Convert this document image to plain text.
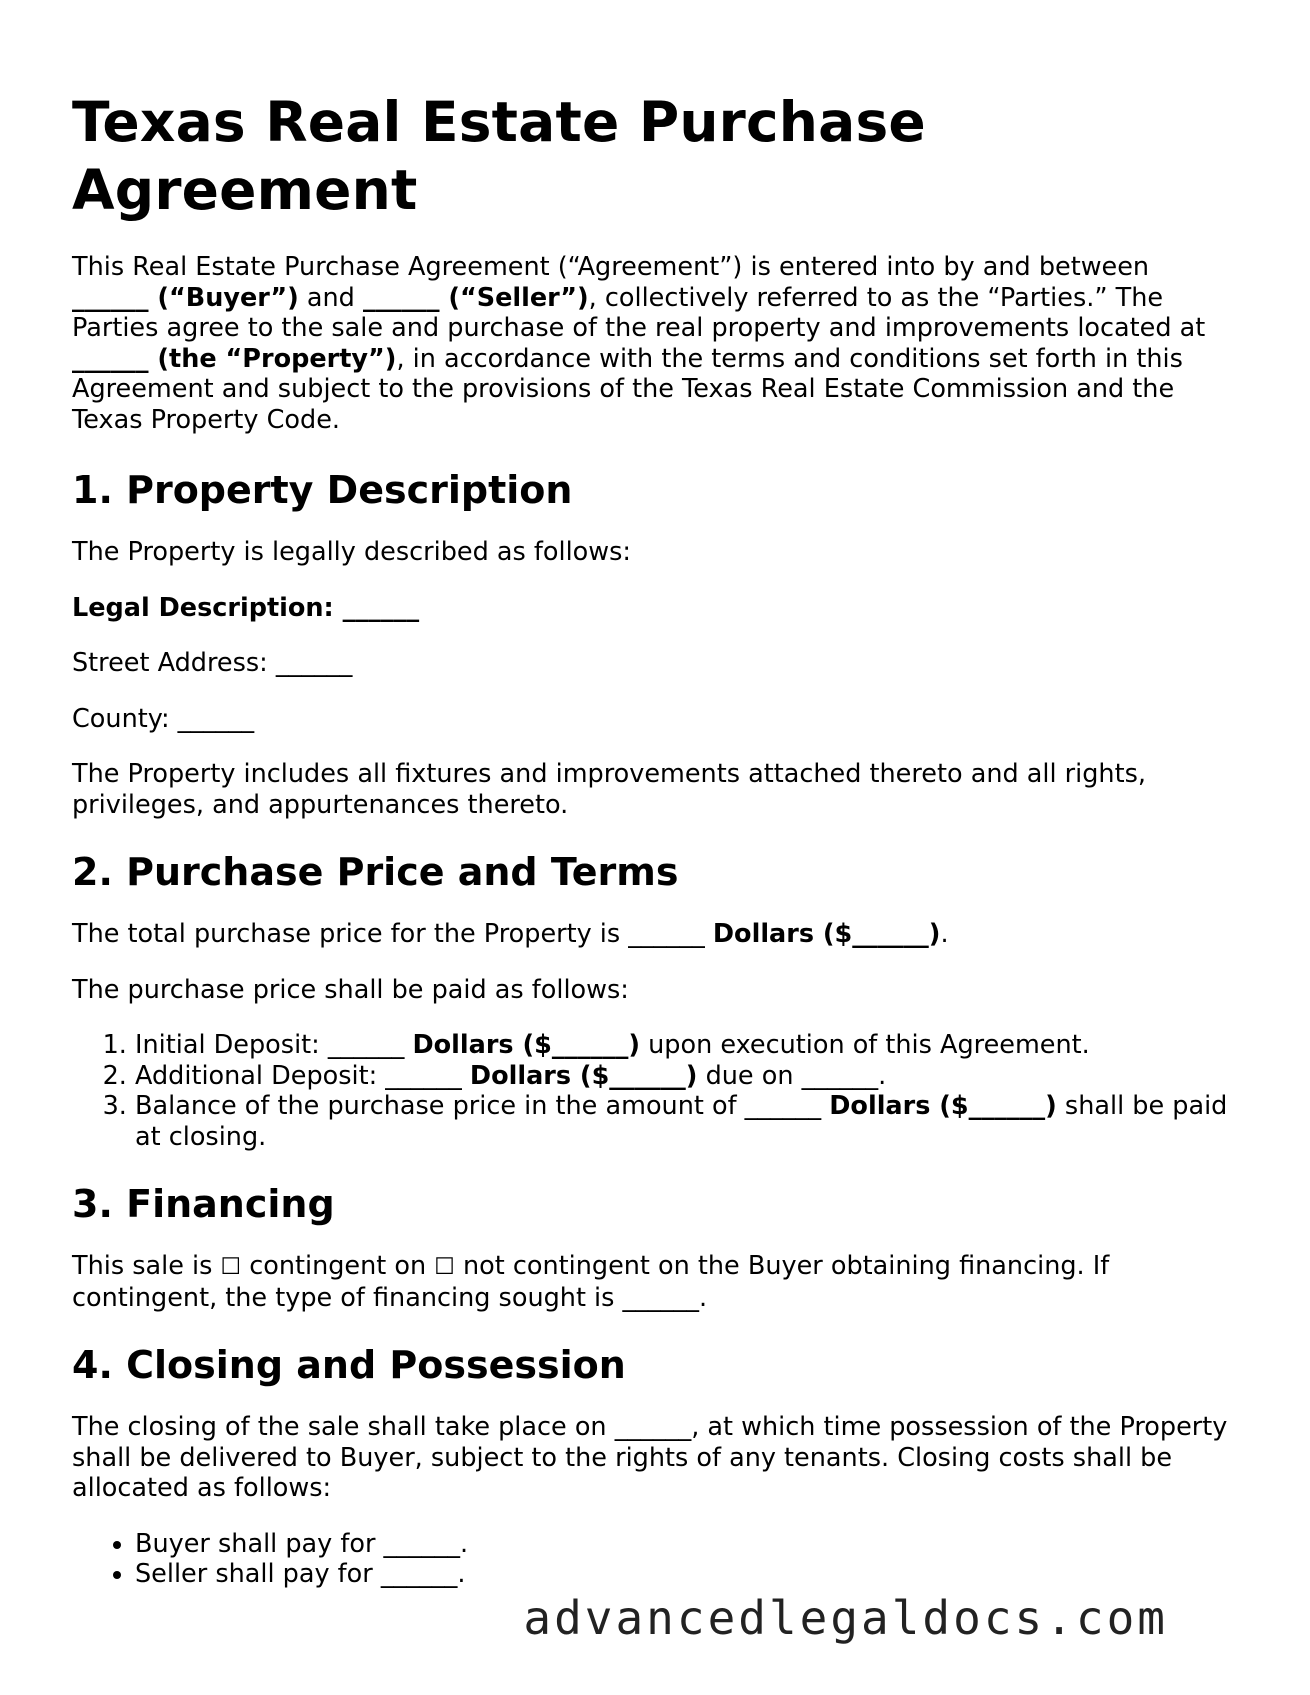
Texas Real Estate Purchase Agreement

This Real Estate Purchase Agreement (“Agreement”) is entered into by and between
______ (“Buyer”) and ______ (“Seller”), collectively referred to as the “Parties.” The Parties agree to the sale and purchase of the real property and improvements located at ______ (the “Property”), in accordance with the terms and conditions set forth in this Agreement and subject to the provisions of the Texas Real Estate Commission and the Texas Property Code.

1. Property Description

The Property is legally described as follows:

Legal Description: ______

Street Address: ______

County: ______

The Property includes all fixtures and improvements attached thereto and all rights, privileges, and appurtenances thereto.

2. Purchase Price and Terms

The total purchase price for the Property is ______ Dollars ($______).

The purchase price shall be paid as follows:

1. Initial Deposit: ______ Dollars ($______) upon execution of this Agreement.
2. Additional Deposit: ______ Dollars ($______) due on ______.
3. Balance of the purchase price in the amount of ______ Dollars ($______) shall be paid at closing.
3. Financing

This sale is ☐ contingent on ☐ not contingent on the Buyer obtaining financing. If contingent, the type of financing sought is ______.

4. Closing and Possession

The closing of the sale shall take place on ______, at which time possession of the Property shall be delivered to Buyer, subject to the rights of any tenants. Closing costs shall be allocated as follows:

• Buyer shall pay for ______.
• Seller shall pay for ______.
advancedlegaldocs.com
